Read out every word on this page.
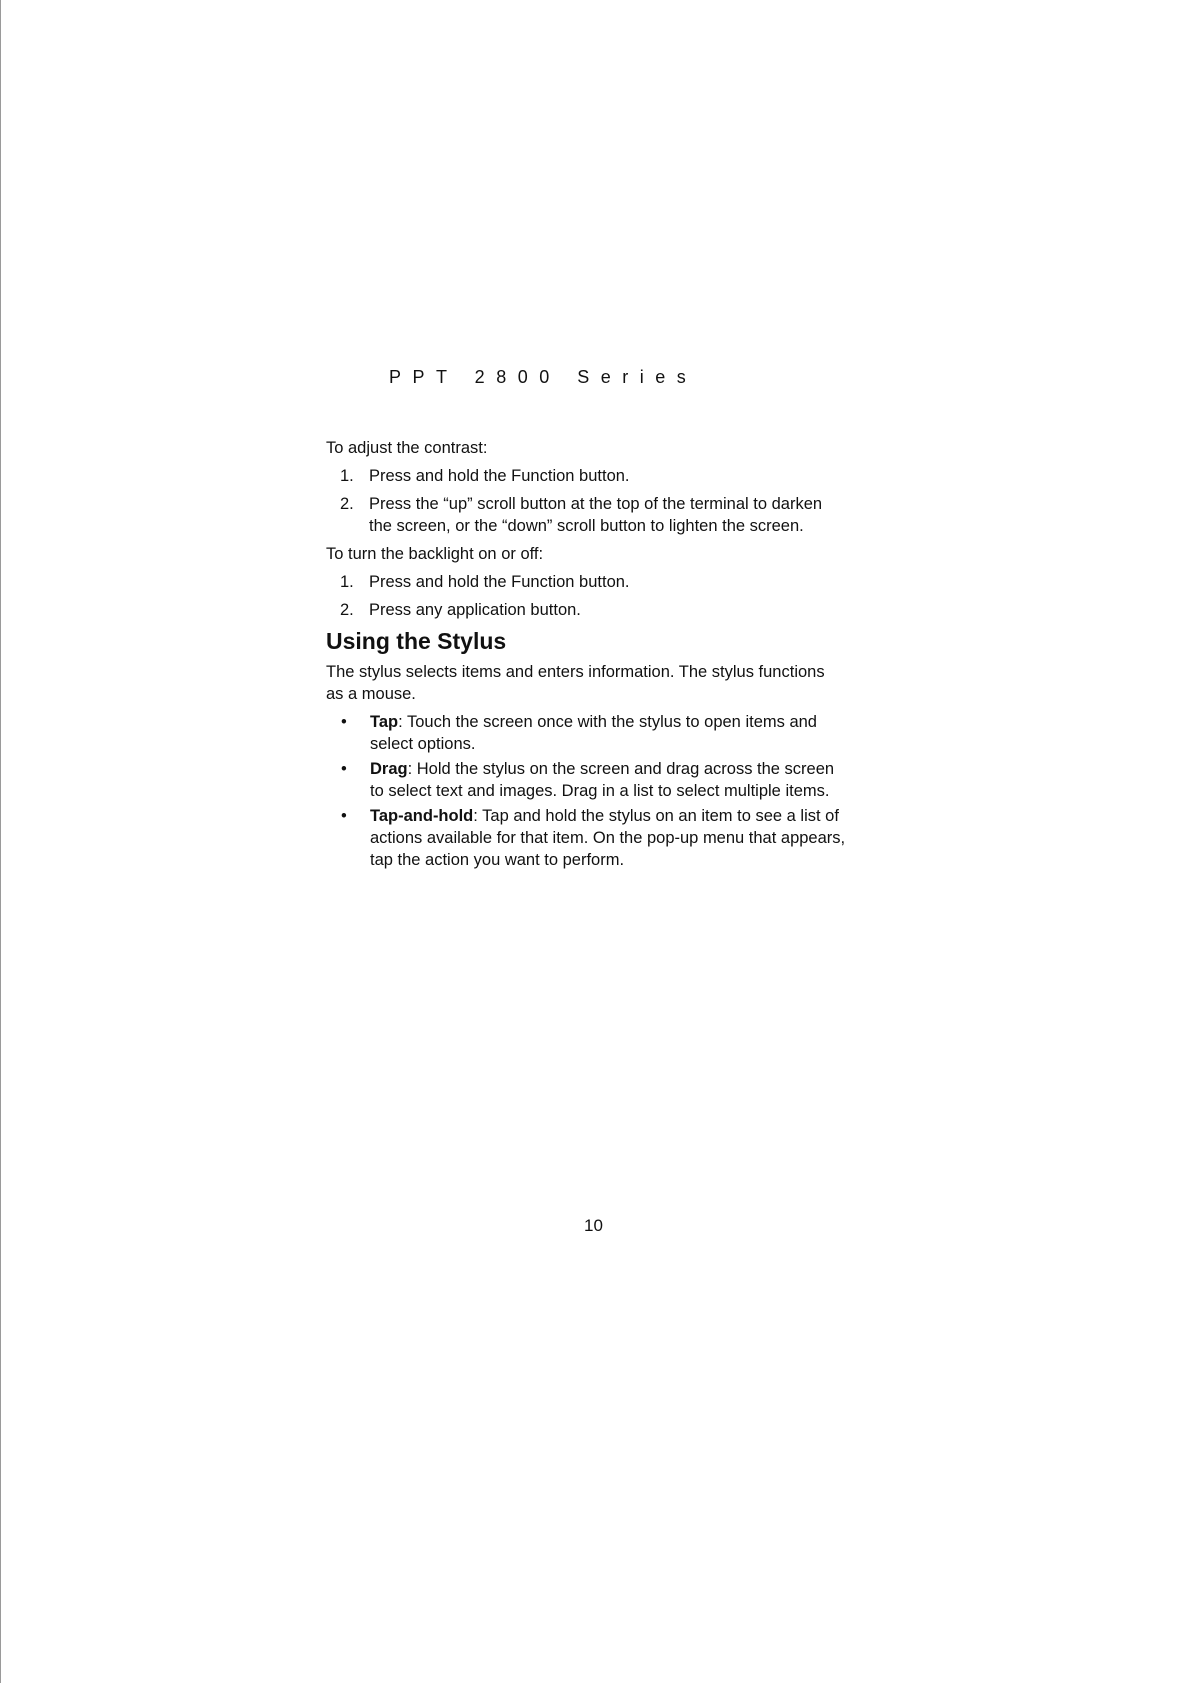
PPT 2800 Series

To adjust the contrast:

1. Press and hold the Function button.
2. Press the “up” scroll button at the top of the terminal to darken the screen, or the “down” scroll button to lighten the screen.

To turn the backlight on or off:

1. Press and hold the Function button.
2. Press any application button.
Using the Stylus

The stylus selects items and enters information. The stylus functions as a mouse.

• Tap: Touch the screen once with the stylus to open items and select options.
• Drag: Hold the stylus on the screen and drag across the screen to select text and images. Drag in a list to select multiple items.
• Tap-and-hold: Tap and hold the stylus on an item to see a list of actions available for that item. On the pop-up menu that appears, tap the action you want to perform.
10
